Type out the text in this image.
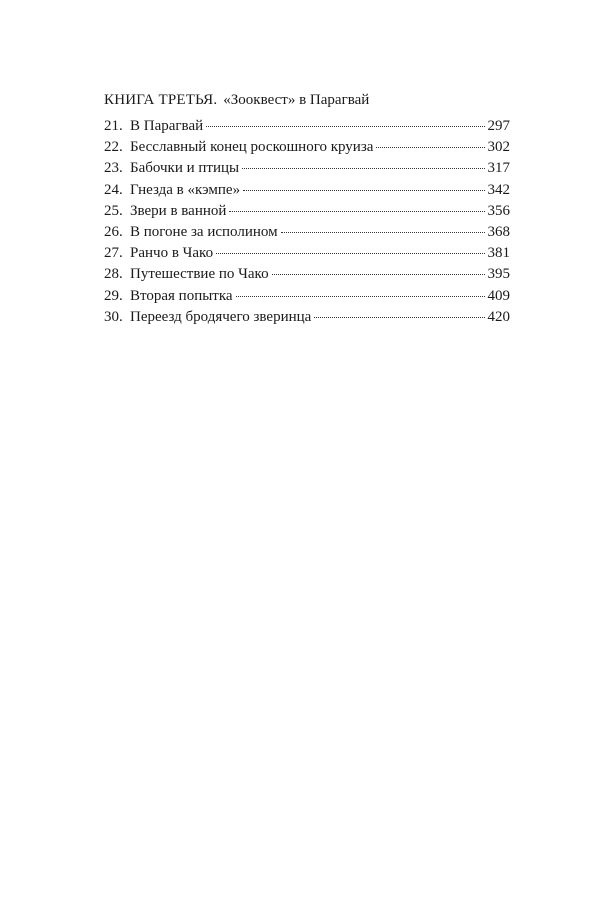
КНИГА ТРЕТЬЯ. «Зооквест» в Парагвай
21. В Парагвай	297
22. Бесславный конец роскошного круиза	302
23. Бабочки и птицы	317
24. Гнезда в «кэмпе»	342
25. Звери в ванной	356
26. В погоне за исполином	368
27. Ранчо в Чако	381
28. Путешествие по Чако	395
29. Вторая попытка	409
30. Переезд бродячего зверинца	420
